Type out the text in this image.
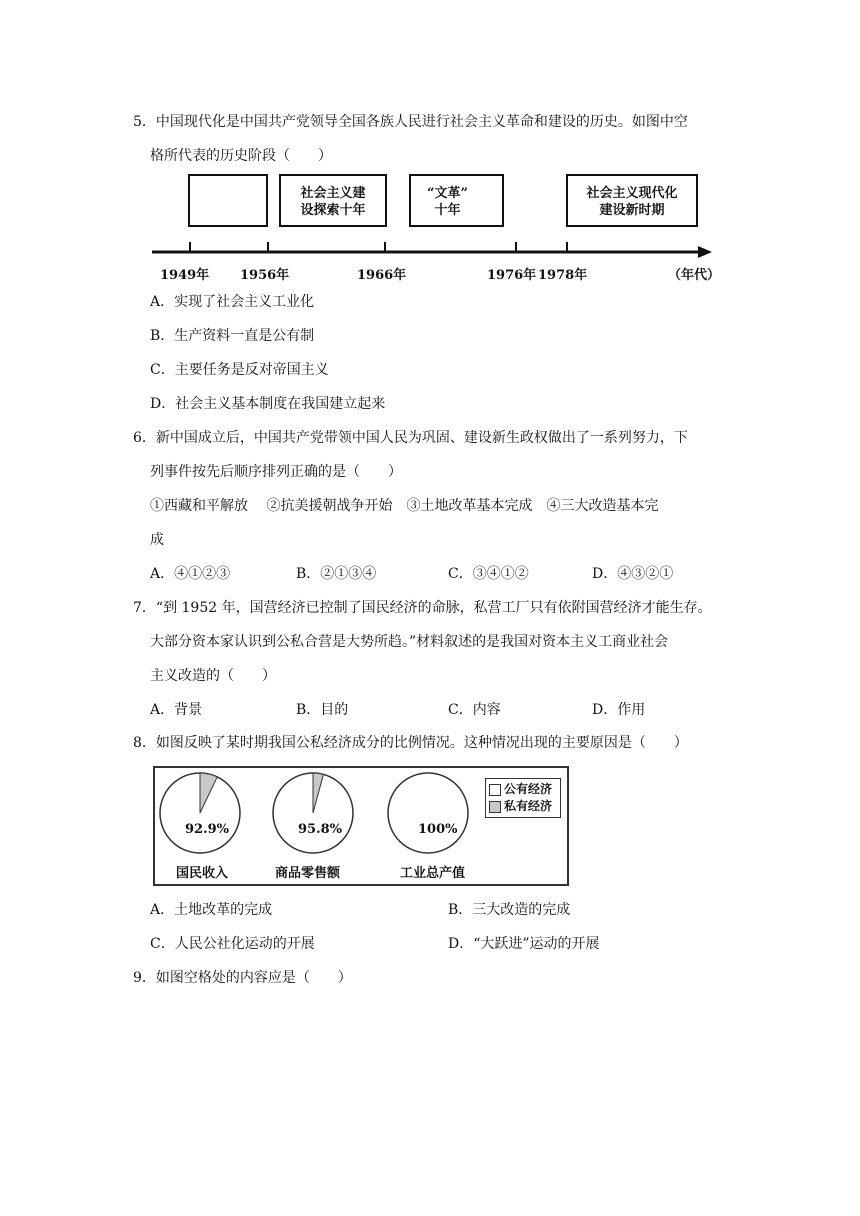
5．中国现代化是中国共产党领导全国各族人民进行社会主义革命和建设的历史。如图中空
格所代表的历史阶段（　　）
社会主义建
设探索十年
“文革”
十年
社会主义现代化
建设新时期
1949年 1956年	1966年	1976年 1978年	（年代）
A．实现了社会主义工业化
B．生产资料一直是公有制
C．主要任务是反对帝国主义
D．社会主义基本制度在我国建立起来
6．新中国成立后，中国共产党带领中国人民为巩固、建设新生政权做出了一系列努力，下
列事件按先后顺序排列正确的是（　　）
①西藏和平解放　 ②抗美援朝战争开始　③土地改革基本完成　④三大改造基本完
成
A．④①②③	B．②①③④	C．③④①②	D．④③②①
7．“到 1952 年，国营经济已控制了国民经济的命脉，私营工厂只有依附国营经济才能生存。
大部分资本家认识到公私合营是大势所趋。”材料叙述的是我国对资本主义工商业社会
主义改造的（　　）
A．背景	B．目的	C．内容	D．作用
8．如图反映了某时期我国公私经济成分的比例情况。这种情况出现的主要原因是（　　）
公有经济
私有经济
国民收入	商品零售额	工业总产值
92.9%	95.8%	100%
A．土地改革的完成	B．三大改造的完成
C．人民公社化运动的开展	D．“大跃进”运动的开展
9．如图空格处的内容应是（　　）
